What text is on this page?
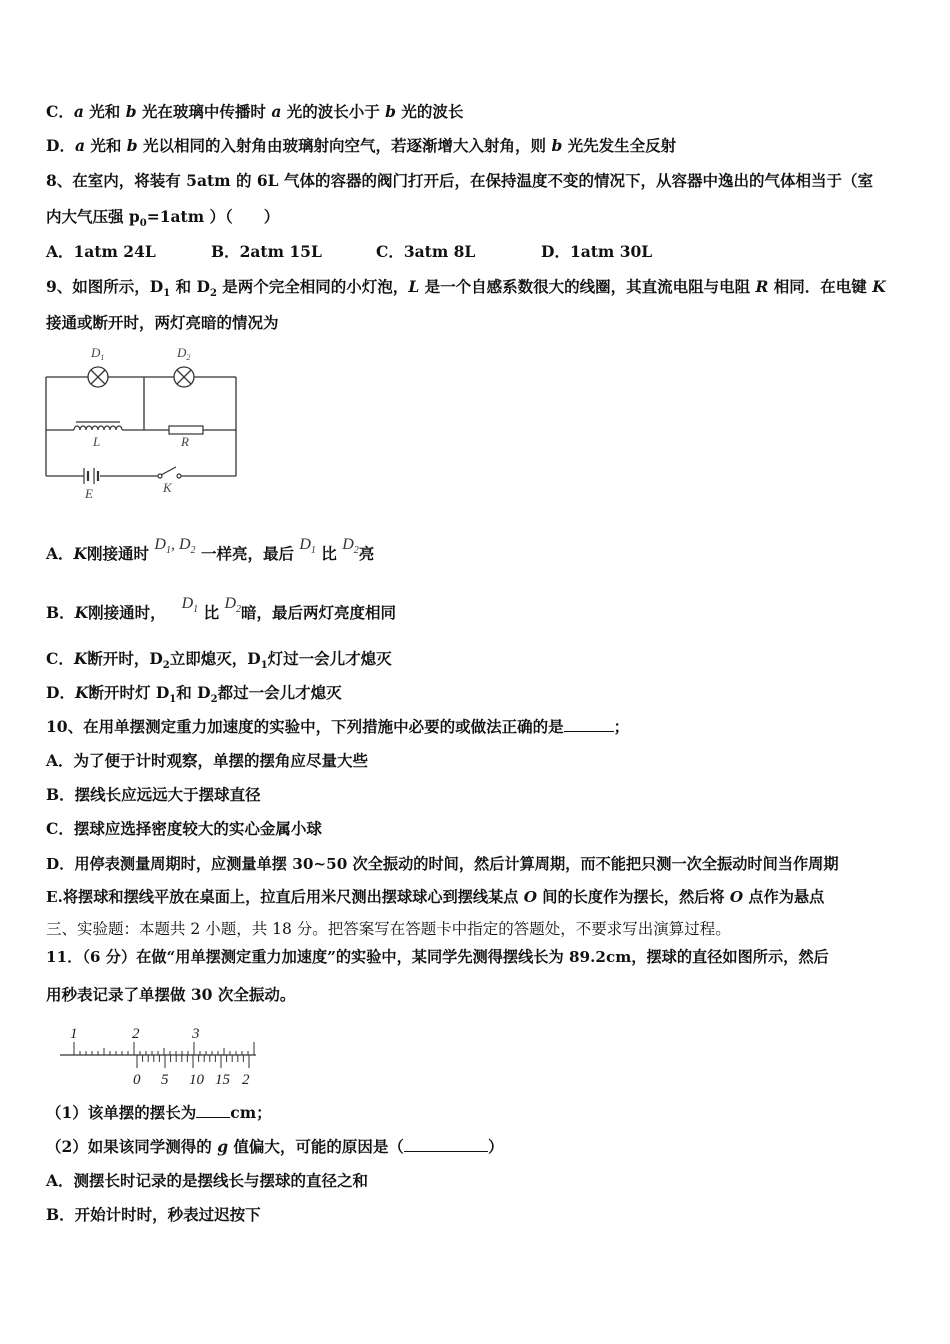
C．a 光和 b 光在玻璃中传播时 a 光的波长小于 b 光的波长
D．a 光和 b 光以相同的入射角由玻璃射向空气，若逐渐增大入射角，则 b 光先发生全反射
8、在室内，将装有 5atm 的 6L 气体的容器的阀门打开后，在保持温度不变的情况下，从容器中逸出的气体相当于（室
内大气压强 $p_0=1atm$ ）（　　）
A．1atm 24L	B．2atm 15L	C．3atm 8L	D．1atm 30L
9、如图所示，$D_1$ 和 $D_2$ 是两个完全相同的小灯泡，L 是一个自感系数很大的线圈，其直流电阻与电阻 R 相同．在电键 K
接通或断开时，两灯亮暗的情况为
$D_1$	$D_2$
L	R
E	K
A．K刚接通时 $D_1$, $D_2$ 一样亮，最后 $D_1$ 比 $D_2$亮
B．K刚接通时， $D_1$ 比 $D_2$暗，最后两灯亮度相同
C．K断开时，$D_2$立即熄灭，$D_1$灯过一会儿才熄灭
D．K断开时灯 $D_1$和 $D_2$都过一会儿才熄灭
10、在用单摆测定重力加速度的实验中，下列措施中必要的或做法正确的是	；
A．为了便于计时观察，单摆的摆角应尽量大些
B．摆线长应远远大于摆球直径
C．摆球应选择密度较大的实心金属小球
D．用停表测量周期时，应测量单摆 30~50 次全振动的时间，然后计算周期，而不能把只测一次全振动时间当作周期
E.将摆球和摆线平放在桌面上，拉直后用米尺测出摆球球心到摆线某点 O 间的长度作为摆长，然后将 O 点作为悬点
三、实验题：本题共 2 小题，共 18 分。把答案写在答题卡中指定的答题处，不要求写出演算过程。
11．（6 分）在做“用单摆测定重力加速度”的实验中，某同学先测得摆线长为 89.2cm，摆球的直径如图所示，然后
用秒表记录了单摆做 30 次全振动。
1	2	3
0 5 10 15 2
（1）该单摆的摆长为 cm；
（2）如果该同学测得的 g 值偏大，可能的原因是（	）
A．测摆长时记录的是摆线长与摆球的直径之和
B．开始计时时，秒表过迟按下
